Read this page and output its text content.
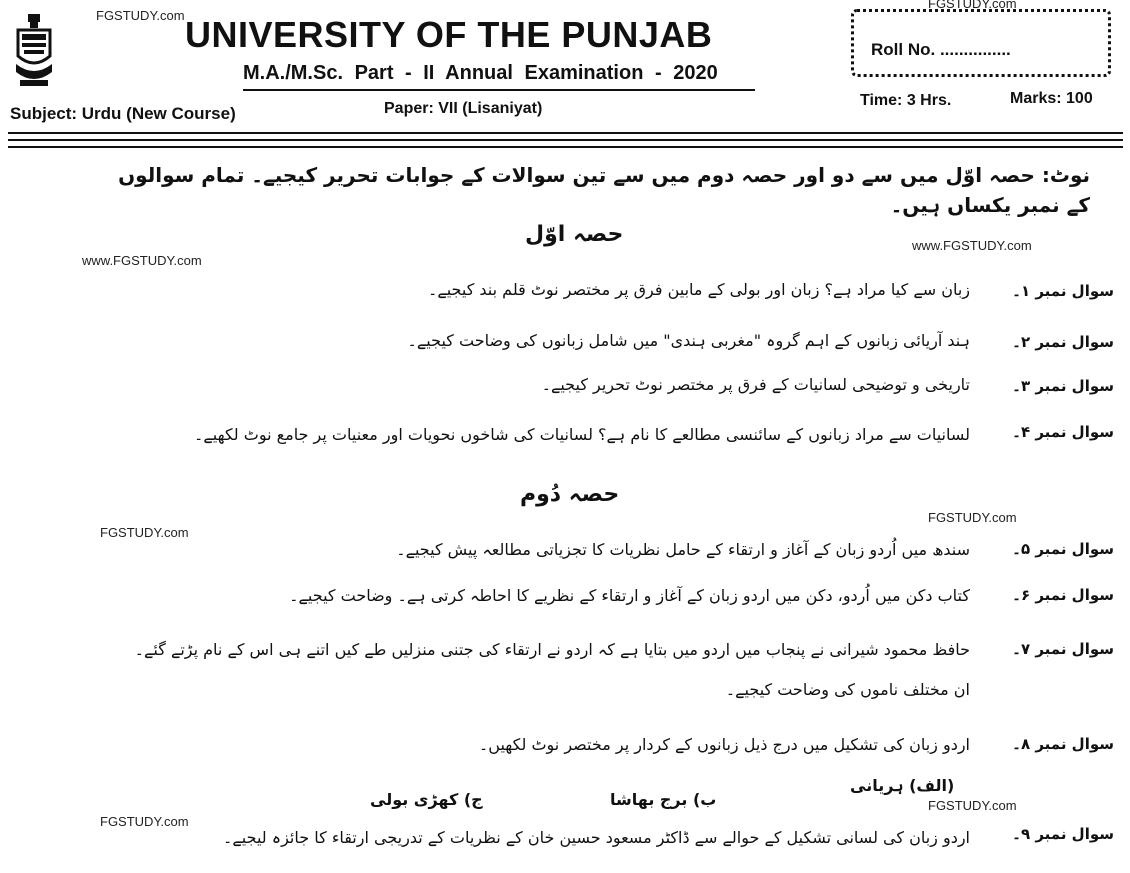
FGSTUDY.com UNIVERSITY OF THE PUNJAB
M.A./M.Sc. Part - II Annual Examination - 2020
Roll No. ...............
Subject: Urdu (New Course)	Paper: VII (Lisaniyat)	Time: 3 Hrs.	Marks: 100
نوٹ: حصہ اوّل میں سے دو اور حصہ دوم میں سے تین سوالات کے جوابات تحریر کیجیے۔ تمام سوالوں کے نمبر یکساں ہیں۔
حصہ اوّل	www.FGSTUDY.com
www.FGSTUDY.com
سوال نمبر ۱۔
زبان سے کیا مراد ہے؟ زبان اور بولی کے مابین فرق پر مختصر نوٹ قلم بند کیجیے۔
سوال نمبر ۲۔
ہند آریائی زبانوں کے اہم گروہ "مغربی ہندی" میں شامل زبانوں کی وضاحت کیجیے۔
سوال نمبر ۳۔
تاریخی و توضیحی لسانیات کے فرق پر مختصر نوٹ تحریر کیجیے۔
سوال نمبر ۴۔
لسانیات سے مراد زبانوں کے سائنسی مطالعے کا نام ہے؟ لسانیات کی شاخوں نحویات اور معنیات پر جامع نوٹ لکھیے۔
حصہ دُوم
FGSTUDY.com
FGSTUDY.com
سوال نمبر ۵۔
سندھ میں اُردو زبان کے آغاز و ارتقاء کے حامل نظریات کا تجزیاتی مطالعہ پیش کیجیے۔
سوال نمبر ۶۔
کتاب دکن میں اُردو، دکن میں اردو زبان کے آغاز و ارتقاء کے نظریے کا احاطہ کرتی ہے۔ وضاحت کیجیے۔
سوال نمبر ۷۔
حافظ محمود شیرانی نے پنجاب میں اردو میں بتایا ہے کہ اردو نے ارتقاء کی جتنی منزلیں طے کیں اتنے ہی اس کے نام پڑتے گئے۔
ان مختلف ناموں کی وضاحت کیجیے۔
سوال نمبر ۸۔
اردو زبان کی تشکیل میں درج ذیل زبانوں کے کردار پر مختصر نوٹ لکھیں۔
(الف) ہریانی
ب) برج بھاشا
ج) کھڑی بولی	FGSTUDY.com
FGSTUDY.com
سوال نمبر ۹۔
اردو زبان کی لسانی تشکیل کے حوالے سے ڈاکٹر مسعود حسین خان کے نظریات کے تدریجی ارتقاء کا جائزہ لیجیے۔
FGSTUDY.com
